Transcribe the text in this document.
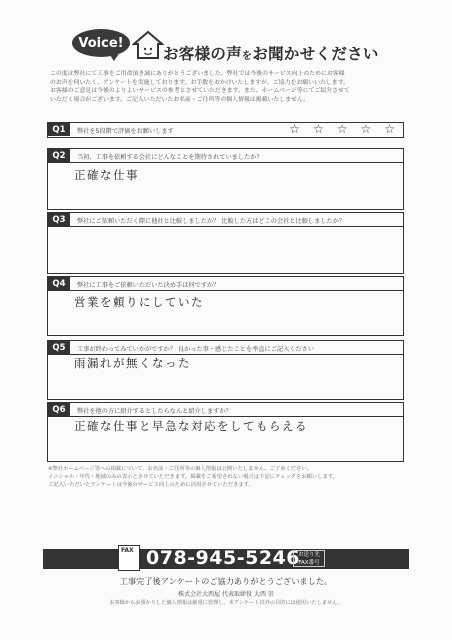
Voice!
お客様の声をお聞かせください

この度は弊社にて工事をご用命頂き誠にありがとうございました。弊社では今後のサービス向上のためにお客様

のお声を伺いたく、アンケートを実施しております。お手数をおかけいたしますが、ご協力をお願いいたします。

お客様のご意見は今後のよりよいサービスの参考とさせていただきます。また、ホームページ等にてご紹介させて

いただく場合がございます。ご記入いただいたお名前・ご住所等の個人情報は掲載いたしません。

Q1	弊社を5段階で評価をお願いします	☆ ☆ ☆ ☆ ☆
Q2	当初、工事を依頼する会社にどんなことを期待されていましたか？
正確な仕事
Q3	弊社にご依頼いただく際に他社と比較しましたか？ 比較した方はどこの会社と比較しましたか？
Q4	弊社に工事をご依頼いただいた決め手は何ですか？
営業を頼りにしていた
Q5	工事が終わってみていかがですか？ 良かった事・感じたことを率直にご記入ください
雨漏れが無くなった
Q6	弊社を他の方に紹介するとしたらなんと紹介しますか？
正確な仕事と早急な対応をしてもらえる

※弊社ホームページ等への掲載について、お名前・ご住所等の個人情報は公開いたしません。ご了承ください。

イニシャル・年代・地域のみの表示とさせていただきます。掲載をご希望されない場合は下記にチェックをお願いします。

ご記入いただいたアンケートは今後のサービス向上のために活用させていただきます。

FAX 078-945-5246
お送り先 FAX番号
工事完了後アンケートのご協力ありがとうございました。
株式会社大西屋 代表取締役 大西 崇
お客様からお預かりした個人情報は厳重に管理し、本アンケート以外の目的には使用いたしません。
